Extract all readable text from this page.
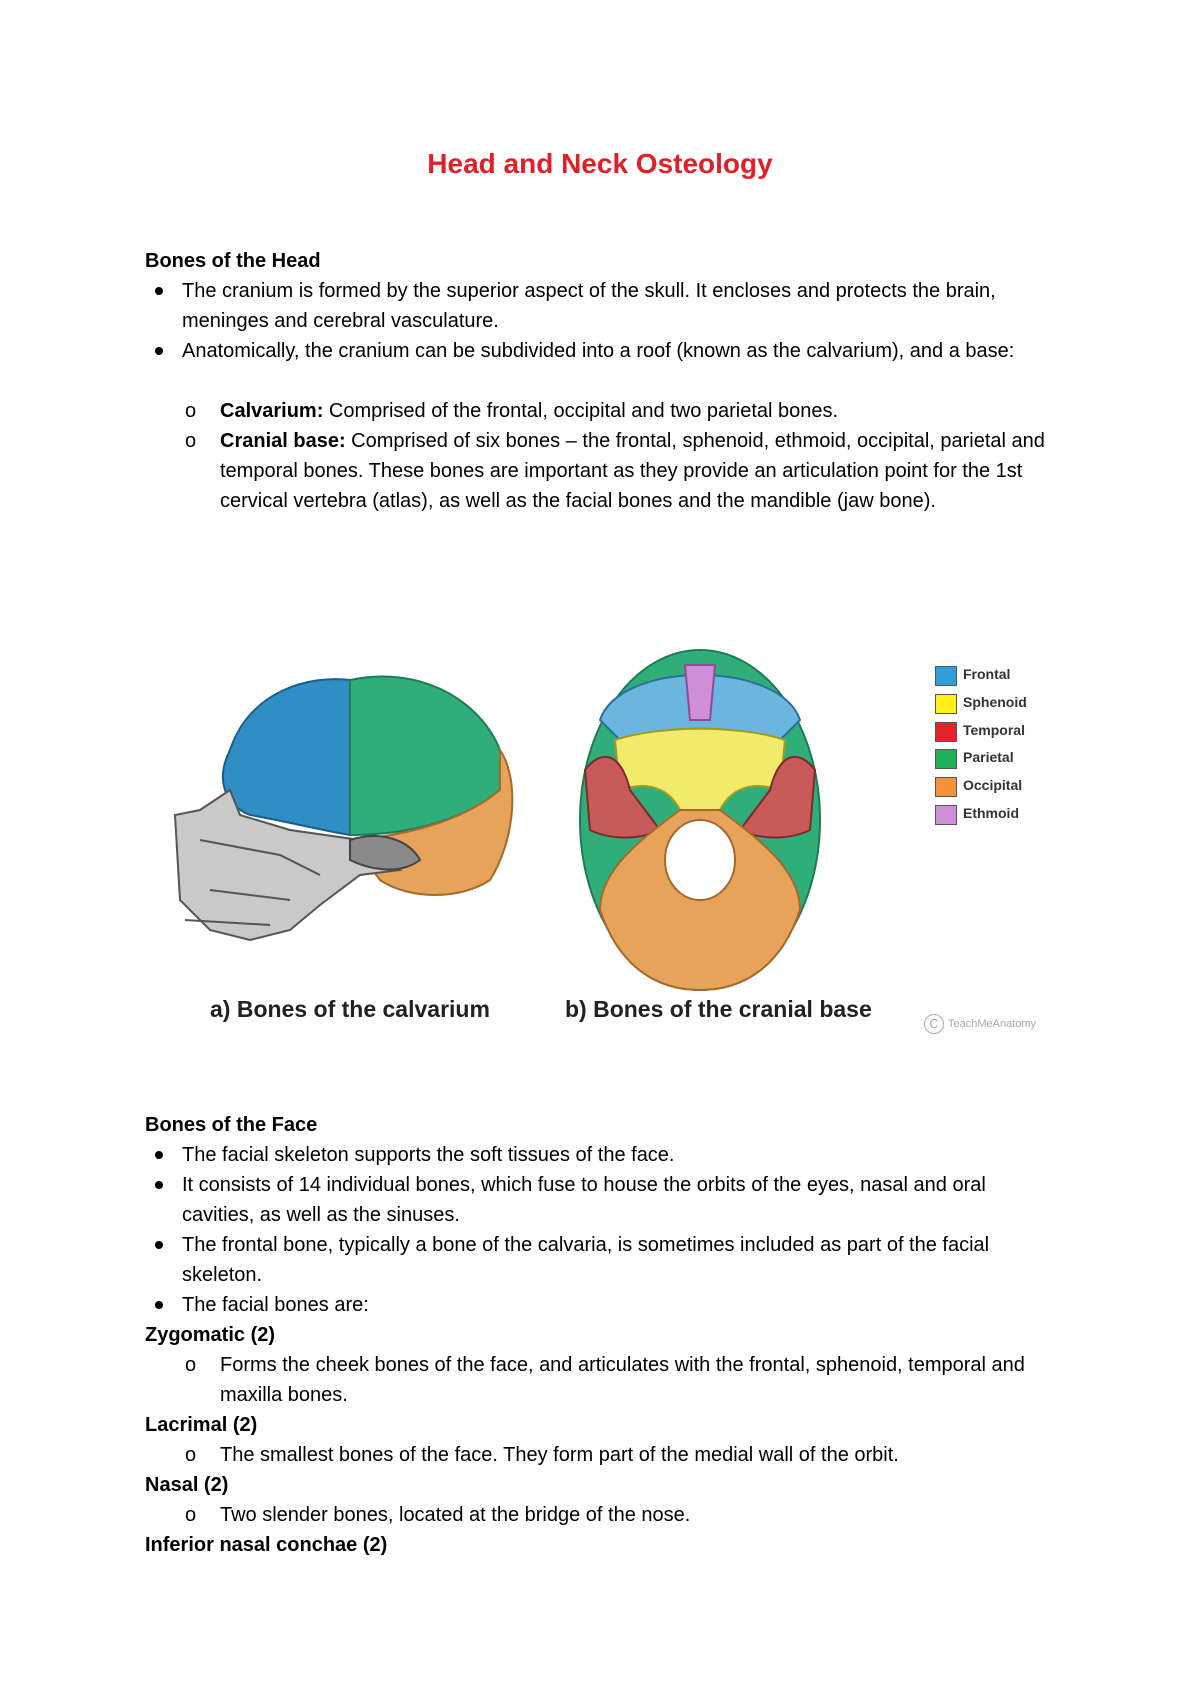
Head and Neck Osteology
Bones of the Head
The cranium is formed by the superior aspect of the skull. It encloses and protects the brain, meninges and cerebral vasculature.
Anatomically, the cranium can be subdivided into a roof (known as the calvarium), and a base:
o Calvarium: Comprised of the frontal, occipital and two parietal bones.
o Cranial base: Comprised of six bones – the frontal, sphenoid, ethmoid, occipital, parietal and temporal bones. These bones are important as they provide an articulation point for the 1st cervical vertebra (atlas), as well as the facial bones and the mandible (jaw bone).
Frontal
Sphenoid
Temporal
Parietal
Occipital
Ethmoid
a) Bones of the calvarium	b) Bones of the cranial base
C TeachMeAnatomy
Bones of the Face
The facial skeleton supports the soft tissues of the face.
It consists of 14 individual bones, which fuse to house the orbits of the eyes, nasal and oral cavities, as well as the sinuses.
The frontal bone, typically a bone of the calvaria, is sometimes included as part of the facial skeleton.
The facial bones are:
Zygomatic (2)
o Forms the cheek bones of the face, and articulates with the frontal, sphenoid, temporal and maxilla bones.
Lacrimal (2)
o The smallest bones of the face. They form part of the medial wall of the orbit.
Nasal (2)
o Two slender bones, located at the bridge of the nose.
Inferior nasal conchae (2)
